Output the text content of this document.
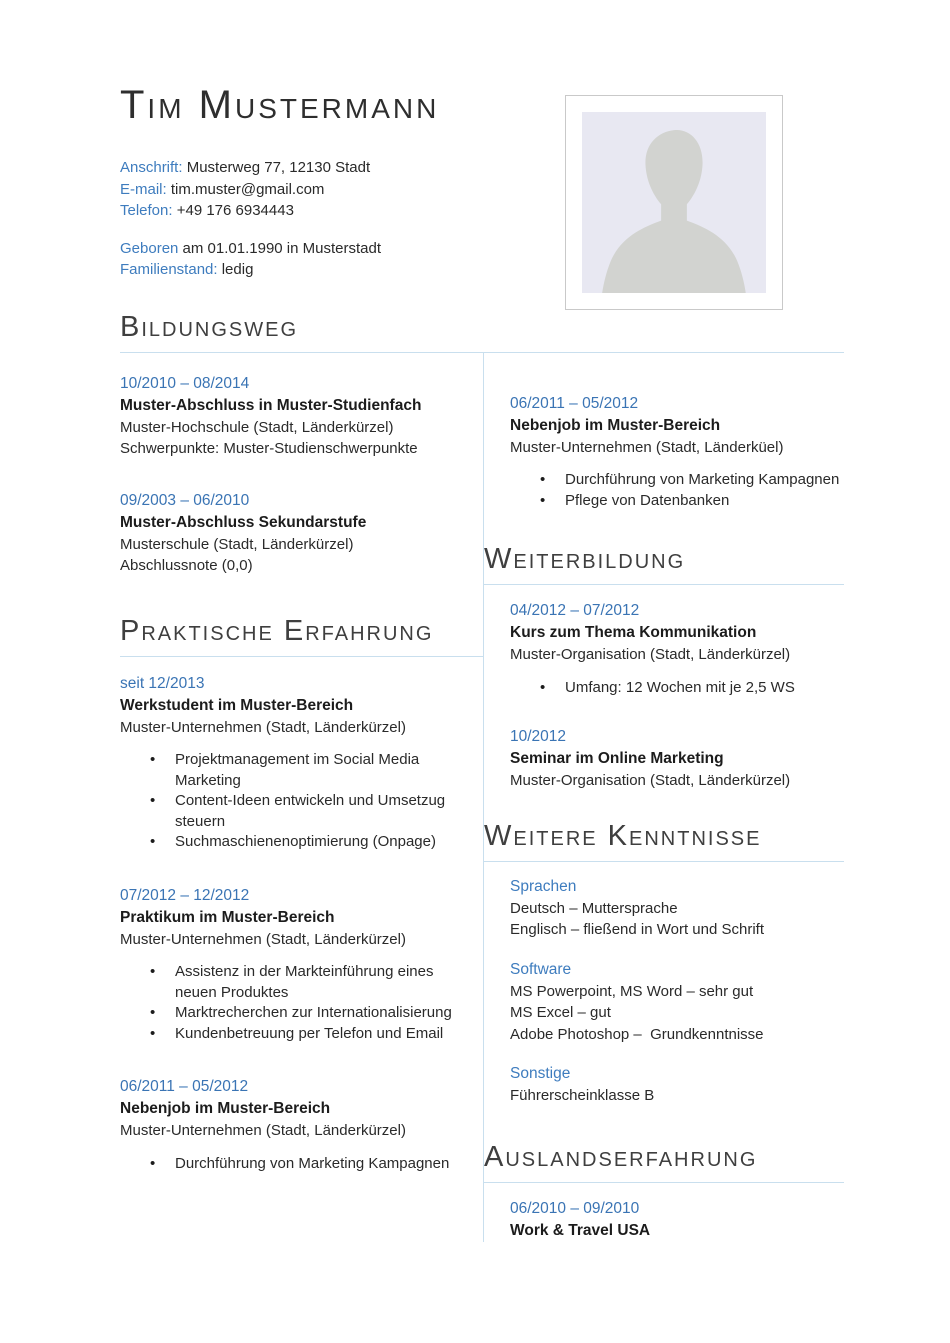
Tim Mustermann
Anschrift: Musterweg 77, 12130 Stadt
E-mail: tim.muster@gmail.com
Telefon: +49 176 6934443
Geboren am 01.01.1990 in Musterstadt
Familienstand: ledig
Bildungsweg
10/2010 – 08/2014
Muster-Abschluss in Muster-Studienfach
Muster-Hochschule (Stadt, Länderkürzel)
Schwerpunkte: Muster-Studienschwerpunkte
09/2003 – 06/2010
Muster-Abschluss Sekundarstufe
Musterschule (Stadt, Länderkürzel)
Abschlussnote (0,0)
Praktische Erfahrung
seit 12/2013
Werkstudent im Muster-Bereich
Muster-Unternehmen (Stadt, Länderkürzel)
• Projektmanagement im Social Media Marketing
• Content-Ideen entwickeln und Umsetzug steuern
• Suchmaschienenoptimierung (Onpage)
07/2012 – 12/2012
Praktikum im Muster-Bereich
Muster-Unternehmen (Stadt, Länderkürzel)
• Assistenz in der Markteinführung eines neuen Produktes
• Marktrecherchen zur Internationalisierung
• Kundenbetreuung per Telefon und Email
06/2011 – 05/2012
Nebenjob im Muster-Bereich
Muster-Unternehmen (Stadt, Länderkürzel)
• Durchführung von Marketing Kampagnen
06/2011 – 05/2012
Nebenjob im Muster-Bereich
Muster-Unternehmen (Stadt, Länderküel)
• Durchführung von Marketing Kampagnen
• Pflege von Datenbanken
Weiterbildung
04/2012 – 07/2012
Kurs zum Thema Kommunikation
Muster-Organisation (Stadt, Länderkürzel)
• Umfang: 12 Wochen mit je 2,5 WS
10/2012
Seminar im Online Marketing
Muster-Organisation (Stadt, Länderkürzel)
Weitere Kenntnisse
Sprachen
Deutsch – Muttersprache
Englisch – fließend in Wort und Schrift
Software
MS Powerpoint, MS Word – sehr gut
MS Excel – gut
Adobe Photoshop –  Grundkenntnisse
Sonstige
Führerscheinklasse B
Auslandserfahrung
06/2010 – 09/2010
Work & Travel USA
